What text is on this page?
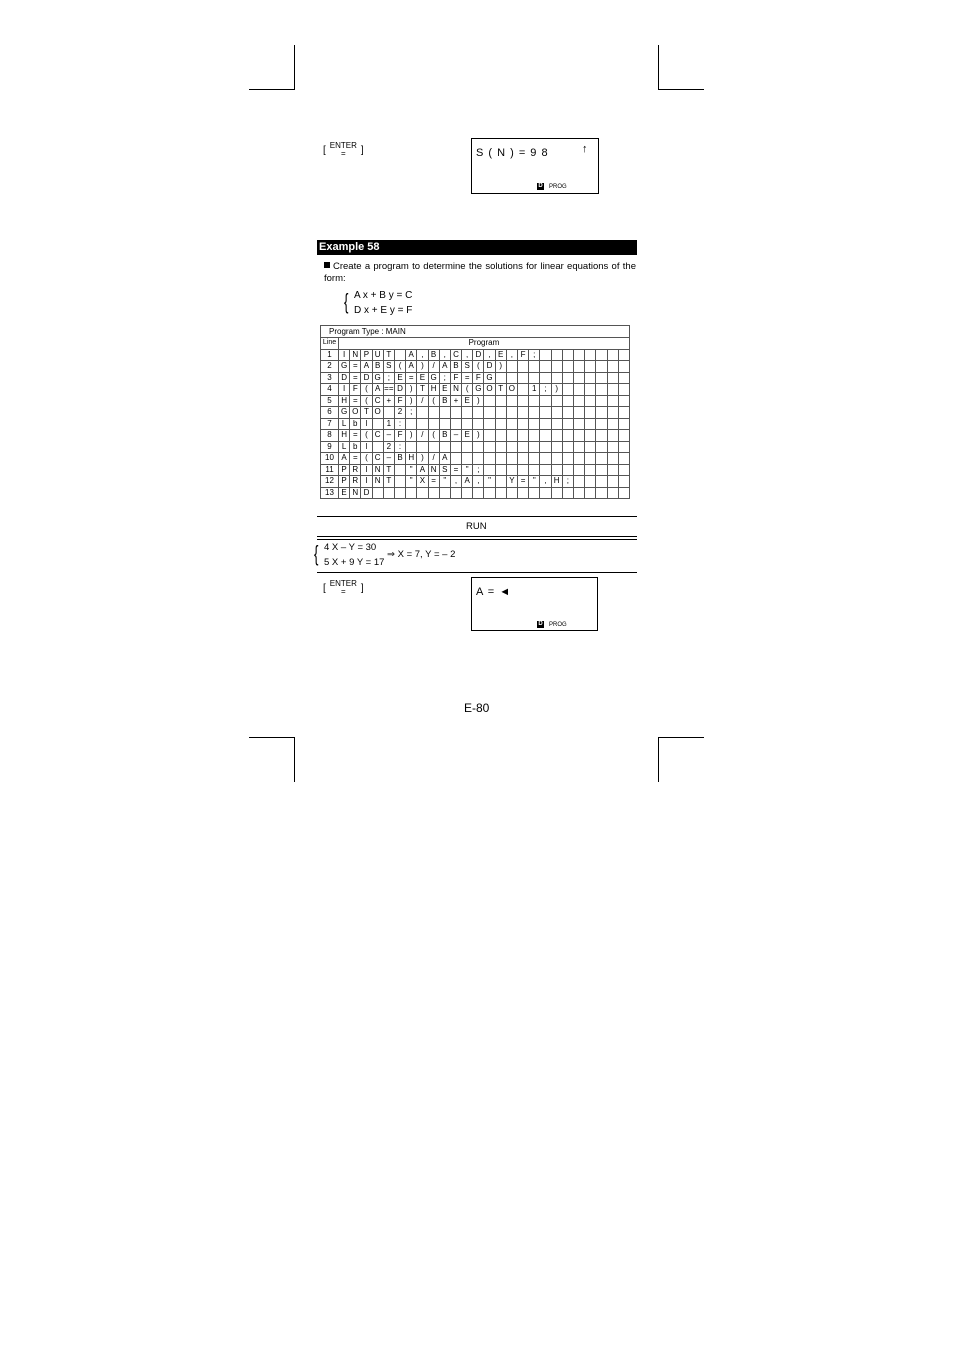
[ ENTER
= ]	S ( N ) = 9 8	↑
D PROG
Example 58
Create a program to determine the solutions for linear equations of the form:
{ A x + B y = C
D x + E y = F
Program Type : MAIN																										
Line	Program																									
1	I	N	P	U	T		A	,	B	,	C	,	D	,	E	,	F	;								
2	G	=	A	B	S	(	A	)	/	A	B	S	(	D	)											
3	D	=	D	G	;	E	=	E	G	;	F	=	F	G												
4	I	F	(	A	==	D	)	T	H	E	N	(	G	O	T	O		1	;	)						
5	H	=	(	C	+	F	)	/	(	B	+	E	)													
6	G	O	T	O		2	;																			
7	L	b	l		1	:																				
8	H	=	(	C	–	F	)	/	(	B	–	E	)													
9	L	b	l		2	:																				
10	A	=	(	C	–	B	H	)	/	A																
11	P	R	I	N	T		"	A	N	S	=	"	;													
12	P	R	I	N	T		"	X	=	"	,	A	,	"		Y	=	"	,	H	;					
13	E	N	D																							
RUN
{ 4 X – Y = 30
5 X + 9 Y = 17
⇒ X = 7, Y = – 2
[ ENTER
= ]	A = ◄
D PROG
E-80
